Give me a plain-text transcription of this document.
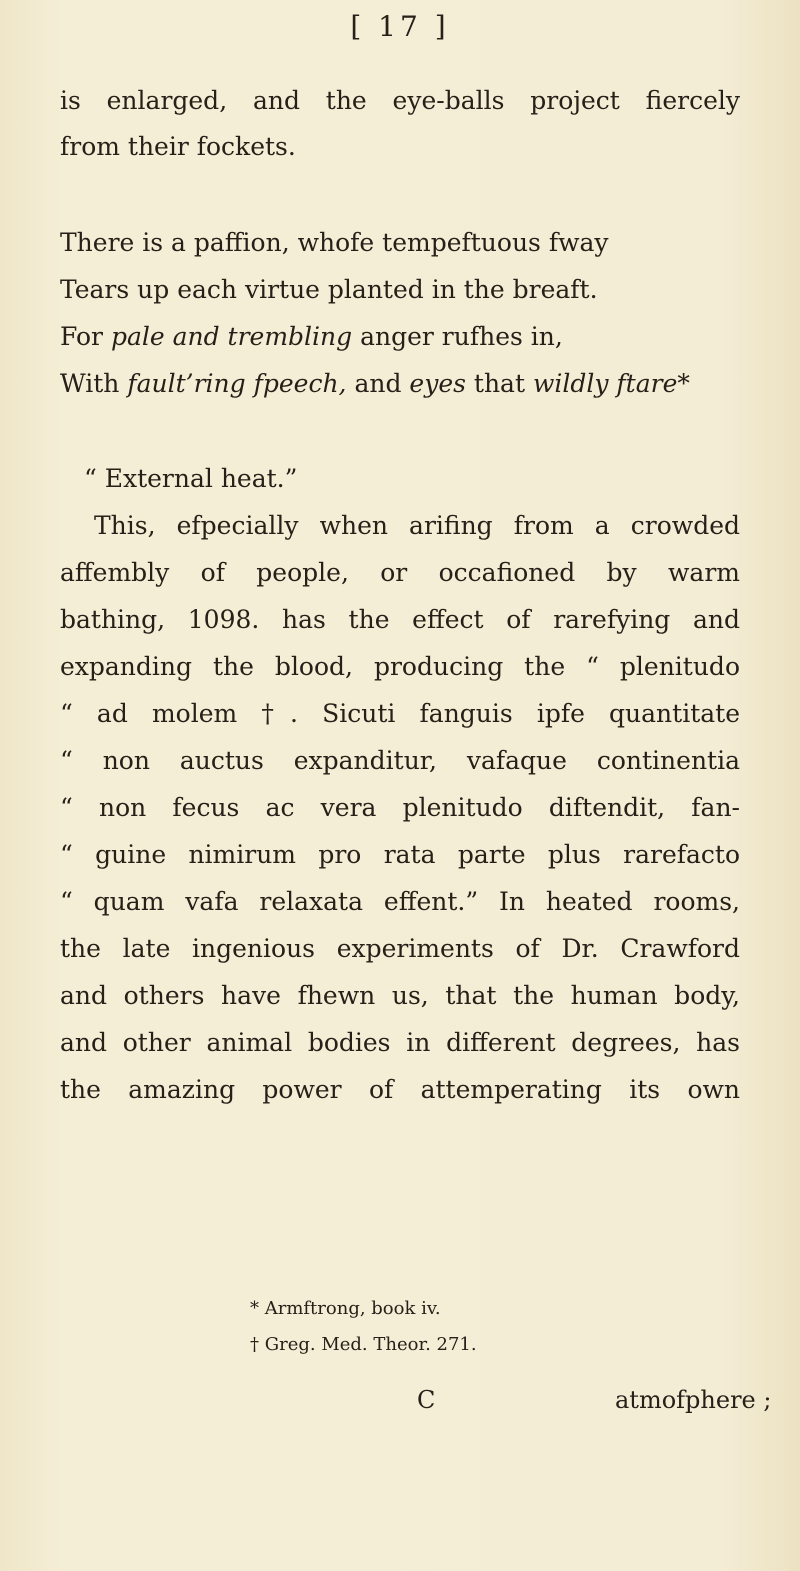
[ 17 ]
is enlarged, and the eye-balls project fiercely
from their fockets.
There is a paffion, whofe tempeftuous fway
Tears up each virtue planted in the breaft.
For pale and trembling anger rufhes in,
With fault’ring fpeech, and eyes that wildly ftare*
“ External heat.”
This, efpecially when arifing from a crowded
affembly of people, or occafioned by warm
bathing, 1098. has the effect of rarefying and
expanding the blood, producing the “ plenitudo
“ ad molem †. Sicuti fanguis ipfe quantitate
“ non auctus expanditur, vafaque continentia
“ non fecus ac vera plenitudo diftendit, fan-
“ guine nimirum pro rata parte plus rarefacto
“ quam vafa relaxata effent.” In heated rooms,
the late ingenious experiments of Dr. Crawford
and others have fhewn us, that the human body,
and other animal bodies in different degrees, has
the amazing power of attemperating its own
* Armftrong, book iv.
† Greg. Med. Theor. 271.
C	atmofphere ;
